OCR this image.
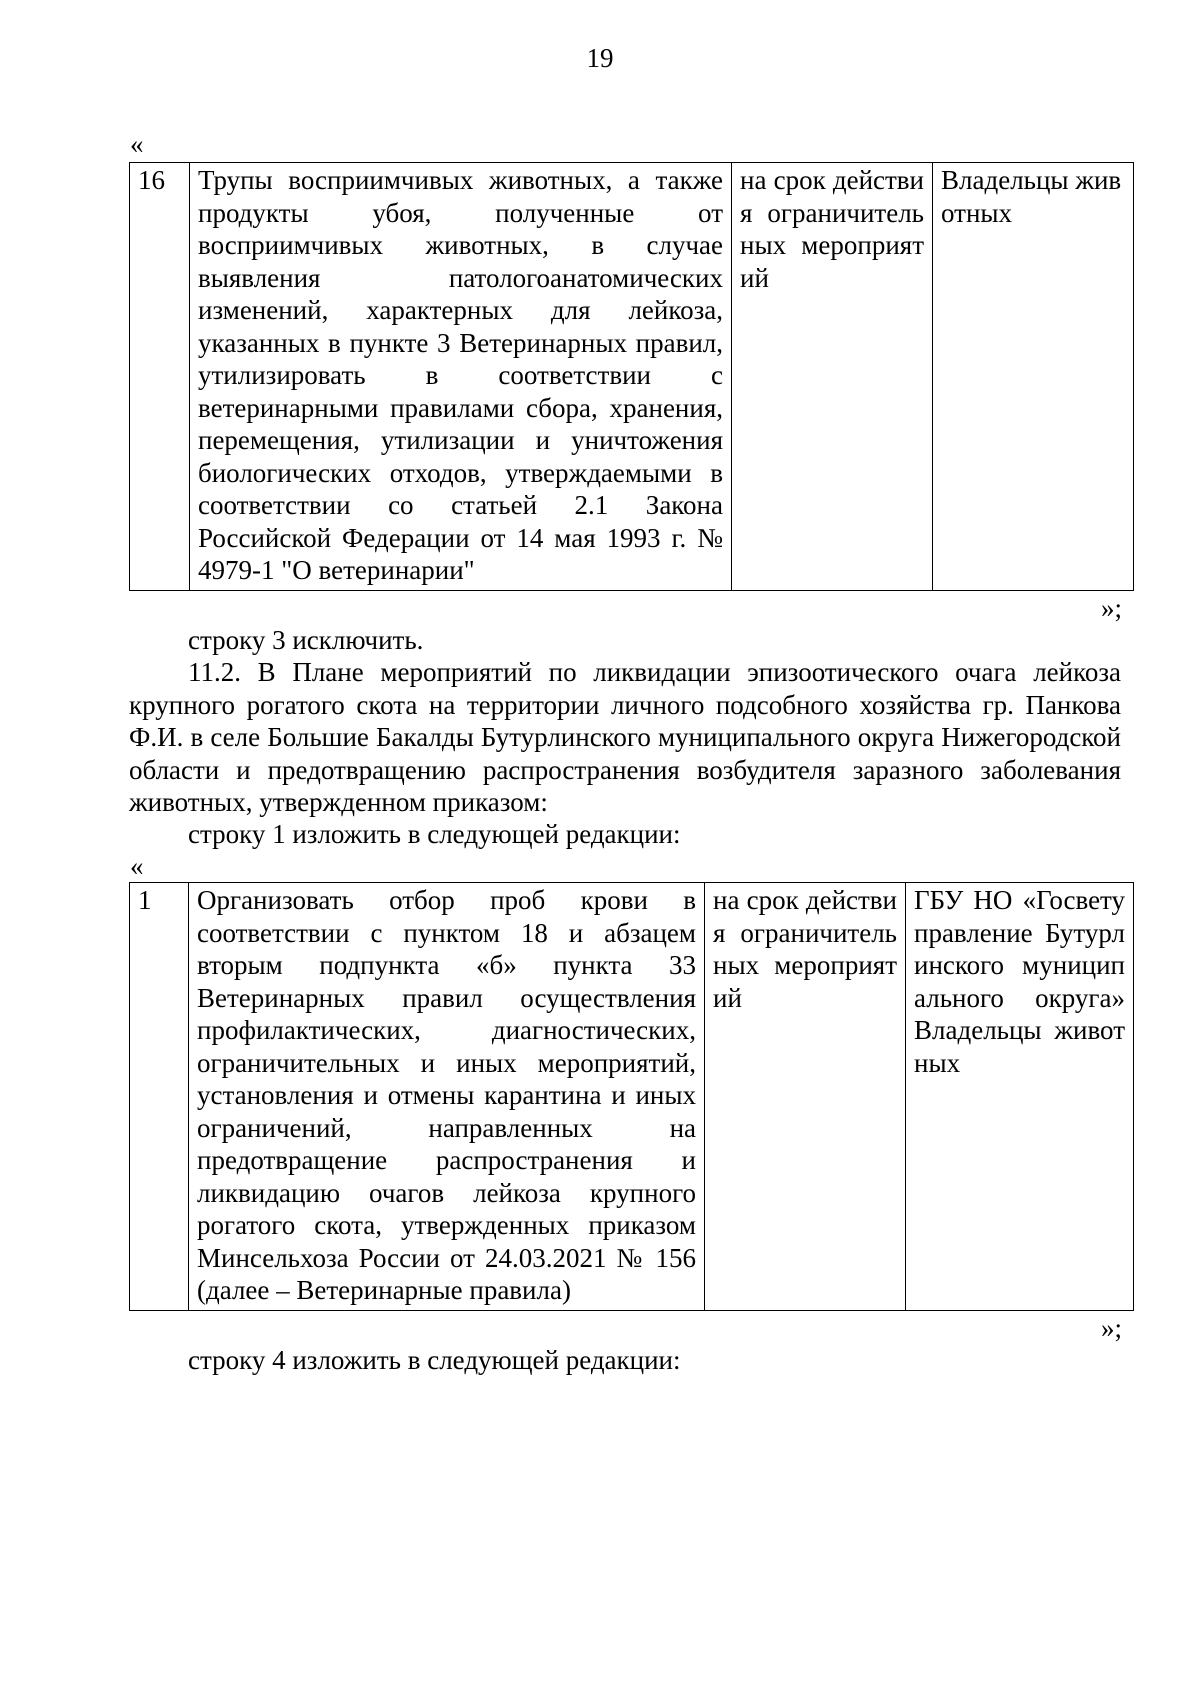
19
«
16	Трупы восприимчивых животных, а также продукты убоя, полученные от восприимчивых животных, в случае выявления патологоанатомических изменений, характерных для лейкоза, указанных в пункте 3 Ветеринарных правил, утилизировать в соответствии с ветеринарными правилами сбора, хранения, перемещения, утилизации и уничтожения биологических отходов, утверждаемыми в соответствии со статьей 2.1 Закона Российской Федерации от 14 мая 1993 г. № 4979-1 "О ветеринарии"	на срок действия ограничительных мероприятий	Владельцы животных
»;
строку 3 исключить.
11.2. В Плане мероприятий по ликвидации эпизоотического очага лейкоза крупного рогатого скота на территории личного подсобного хозяйства гр. Панкова Ф.И. в селе Большие Бакалды Бутурлинского муниципального округа Нижегородской области и предотвращению распространения возбудителя заразного заболевания животных, утвержденном приказом:
строку 1 изложить в следующей редакции:
«
1	Организовать отбор проб крови в соответствии с пунктом 18 и абзацем вторым подпункта «б» пункта 33 Ветеринарных правил осуществления профилактических, диагностических, ограничительных и иных мероприятий, установления и отмены карантина и иных ограничений, направленных на предотвращение распространения и ликвидацию очагов лейкоза крупного рогатого скота, утвержденных приказом Минсельхоза России от 24.03.2021 № 156 (далее – Ветеринарные правила)	на срок действия ограничительных мероприятий	ГБУ НО «Госветуправление Бутурлинского муниципального округа» Владельцы животных
»;
строку 4 изложить в следующей редакции:
